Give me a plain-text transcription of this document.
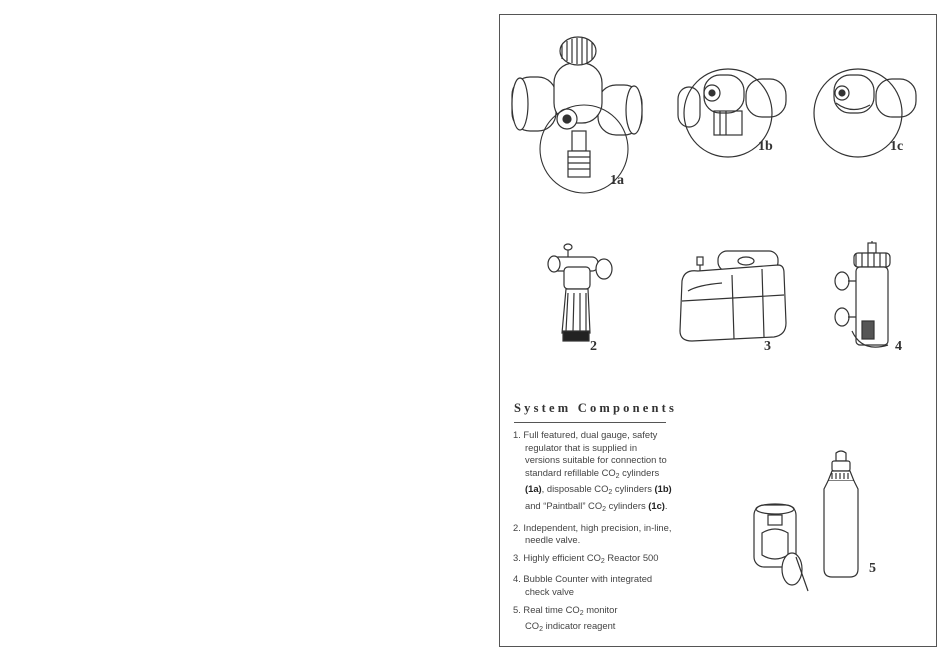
1a
1b	1c
2	3	4
System Components
1. Full featured, dual gauge, safety regulator that is supplied in versions suitable for connection to standard refillable $CO_2$ cylinders (1a), disposable $CO_2$ cylinders (1b) and “Paintball” $CO_2$ cylinders (1c).
2. Independent, high precision, in-line, needle valve.
3. Highly efficient $CO_2$ Reactor 500
4. Bubble Counter with integrated check valve
5. Real time $CO_2$ monitor
$CO_2$ indicator reagent
5
